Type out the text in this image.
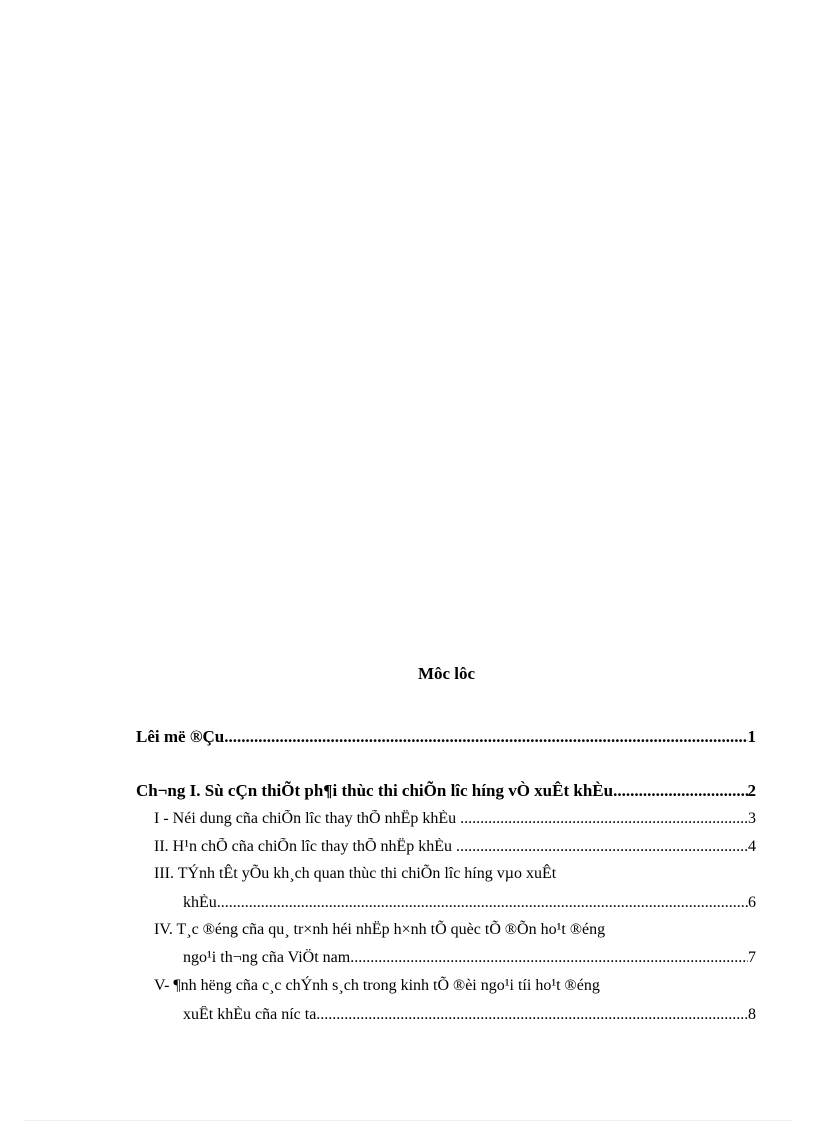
Môc lôc
Lêi më ®Çu..... .....	1
Ch¬ng I. Sù cÇn thiÕt ph¶i thùc thi chiÕn lîc híng vÒ xuÊt khÈu .....	2
I - Néi dung cña chiÕn lîc thay thÕ nhËp khÈu . .....	3
II. H¹n chÕ cña chiÕn lîc thay thÕ nhËp khÈu . .....	4
III. TÝnh tÊt yÕu kh¸ch quan thùc thi chiÕn lîc híng vµo xuÊt
khÈu. .....	6
IV. T¸c ®éng cña qu¸ tr×nh héi nhËp h×nh tÕ quèc tÕ ®Õn ho¹t ®éng
ngo¹i th¬ng cña ViÖt nam .....	7
V- ¶nh hëng cña c¸c chÝnh s¸ch trong kinh tÕ ®èi ngo¹i tíi ho¹t ®éng
xuÊt khÈu cña níc ta. .....	8
